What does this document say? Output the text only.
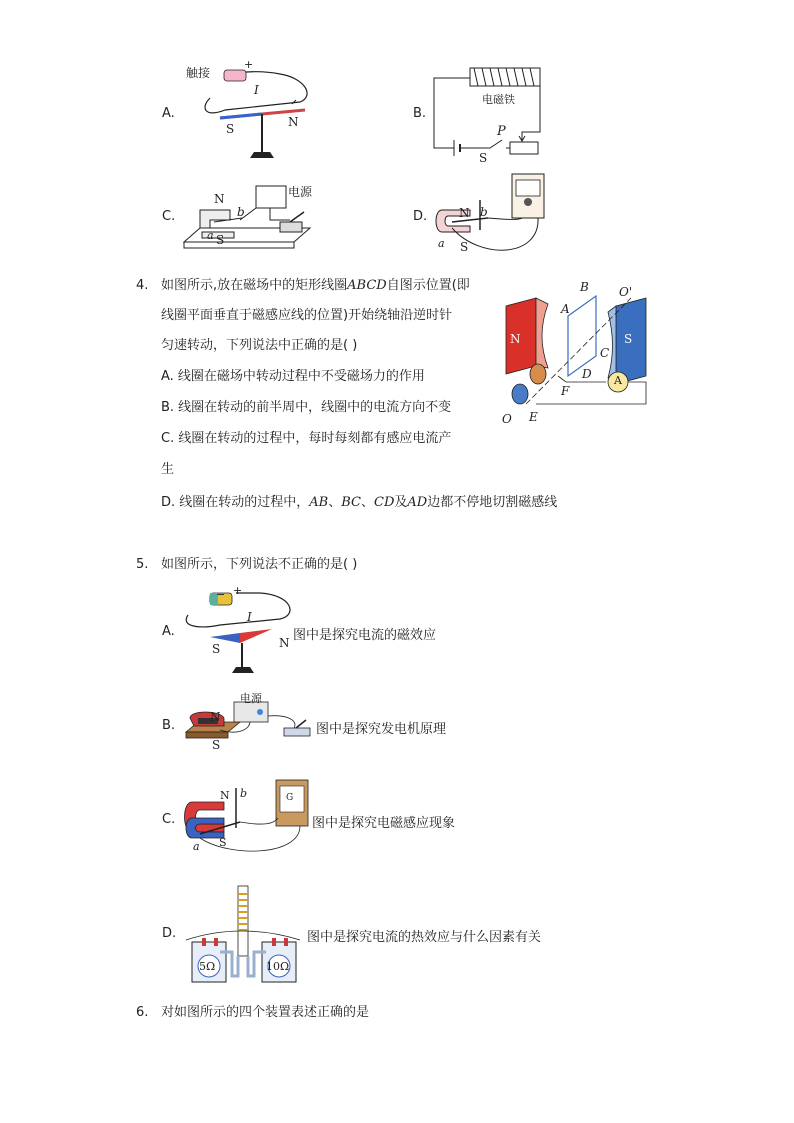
A.
触接
+
I
S	N
B.
电磁铁
P
S
C.
电源
N
b
a S
D.	N b
a S
4. 如图所示,放在磁场中的矩形线圈ABCD自图示位置(即
线圈平面垂直于磁感应线的位置)开始绕轴沿逆时针
匀速转动，下列说法中正确的是( )
A. 线圈在磁场中转动过程中不受磁场力的作用
B. 线圈在转动的前半周中，线圈中的电流方向不变
C. 线圈在转动的过程中，每时每刻都有感应电流产
生
D. 线圈在转动的过程中，AB、BC、CD及AD边都不停地切割磁感线
N	S
A
B
C
D
E
F
O
O'
A
5. 如图所示，下列说法不正确的是( )
A.
− +
I
S	N 图中是探究电流的磁效应
B.
电源
N
S
图中是探究发电机原理
C.
N b
a S
G
图中是探究电磁感应现象
D.
5Ω	10Ω
图中是探究电流的热效应与什么因素有关
6. 对如图所示的四个装置表述正确的是
